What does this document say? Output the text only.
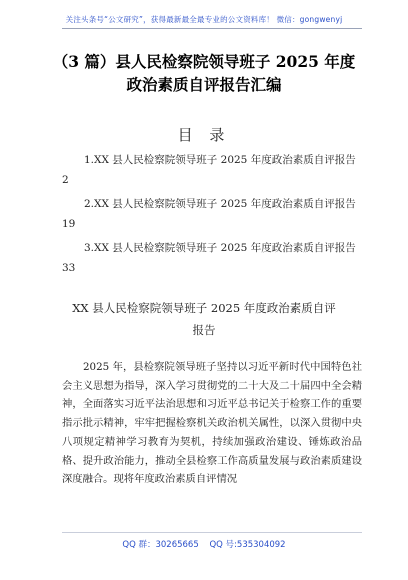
关注头条号“公文研究”，获得最新最全最专业的公文资料库！ 微信：gongwenyj
（3 篇）县人民检察院领导班子 2025 年度
政治素质自评报告汇编
目 录
1.XX 县人民检察院领导班子 2025 年度政治素质自评报告
2
2.XX 县人民检察院领导班子 2025 年度政治素质自评报告
19
3.XX 县人民检察院领导班子 2025 年度政治素质自评报告
33
XX 县人民检察院领导班子 2025 年度政治素质自评
报告

2025 年，县检察院领导班子坚持以习近平新时代中国特色社会主义思想为指导，深入学习贯彻党的二十大及二十届四中全会精神，全面落实习近平法治思想和习近平总书记关于检察工作的重要指示批示精神，牢牢把握检察机关政治机关属性，以深入贯彻中央八项规定精神学习教育为契机，持续加强政治建设、锤炼政治品格、提升政治能力，推动全县检察工作高质量发展与政治素质建设深度融合。现将年度政治素质自评情况

QQ 群：30265665 QQ 号:535304092
